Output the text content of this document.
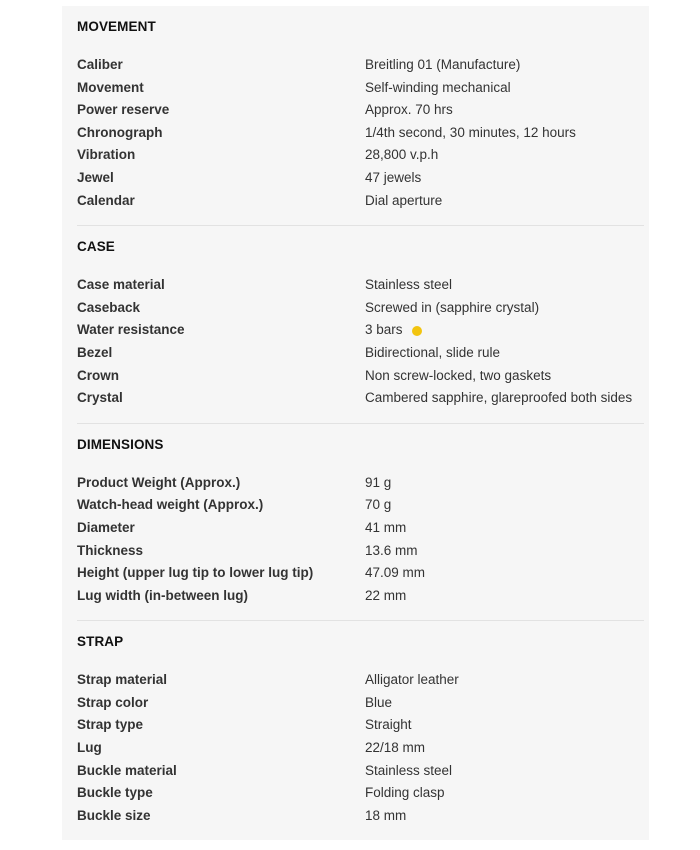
MOVEMENT
Caliber	Breitling 01 (Manufacture)
Movement	Self-winding mechanical
Power reserve	Approx. 70 hrs
Chronograph	1/4th second, 30 minutes, 12 hours
Vibration	28,800 v.p.h
Jewel	47 jewels
Calendar	Dial aperture
CASE
Case material	Stainless steel
Caseback	Screwed in (sapphire crystal)
Water resistance	3 bars
Bezel	Bidirectional, slide rule
Crown	Non screw-locked, two gaskets
Crystal	Cambered sapphire, glareproofed both sides
DIMENSIONS
Product Weight (Approx.)	91 g
Watch-head weight (Approx.)	70 g
Diameter	41 mm
Thickness	13.6 mm
Height (upper lug tip to lower lug tip)	47.09 mm
Lug width (in-between lug)	22 mm
STRAP
Strap material	Alligator leather
Strap color	Blue
Strap type	Straight
Lug	22/18 mm
Buckle material	Stainless steel
Buckle type	Folding clasp
Buckle size	18 mm
